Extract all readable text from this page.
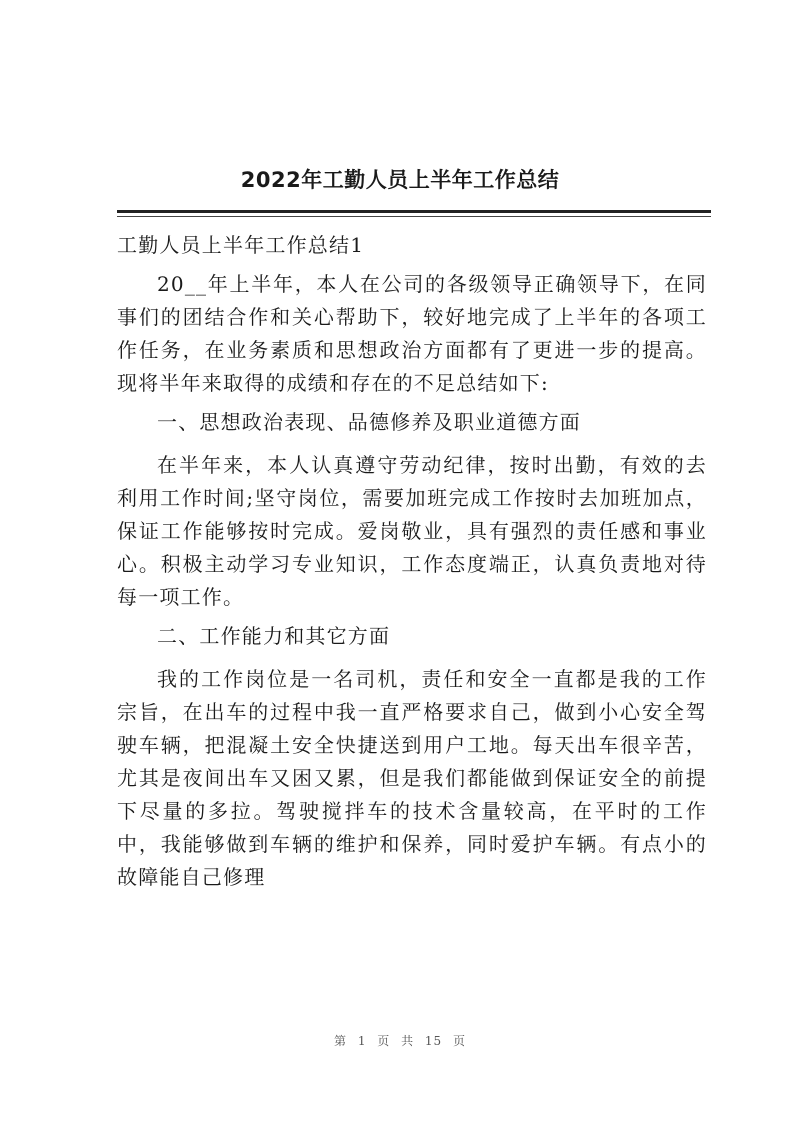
2022年工勤人员上半年工作总结

工勤人员上半年工作总结1

20__年上半年，本人在公司的各级领导正确领导下，在同事们的团结合作和关心帮助下，较好地完成了上半年的各项工作任务，在业务素质和思想政治方面都有了更进一步的提高。现将半年来取得的成绩和存在的不足总结如下:

一、思想政治表现、品德修养及职业道德方面

在半年来，本人认真遵守劳动纪律，按时出勤，有效的去利用工作时间;坚守岗位，需要加班完成工作按时去加班加点，保证工作能够按时完成。爱岗敬业，具有强烈的责任感和事业心。积极主动学习专业知识，工作态度端正，认真负责地对待每一项工作。

二、工作能力和其它方面

我的工作岗位是一名司机，责任和安全一直都是我的工作宗旨，在出车的过程中我一直严格要求自己，做到小心安全驾驶车辆，把混凝土安全快捷送到用户工地。每天出车很辛苦，尤其是夜间出车又困又累，但是我们都能做到保证安全的前提下尽量的多拉。驾驶搅拌车的技术含量较高，在平时的工作中，我能够做到车辆的维护和保养，同时爱护车辆。有点小的故障能自己修理

第 1 页 共 15 页
